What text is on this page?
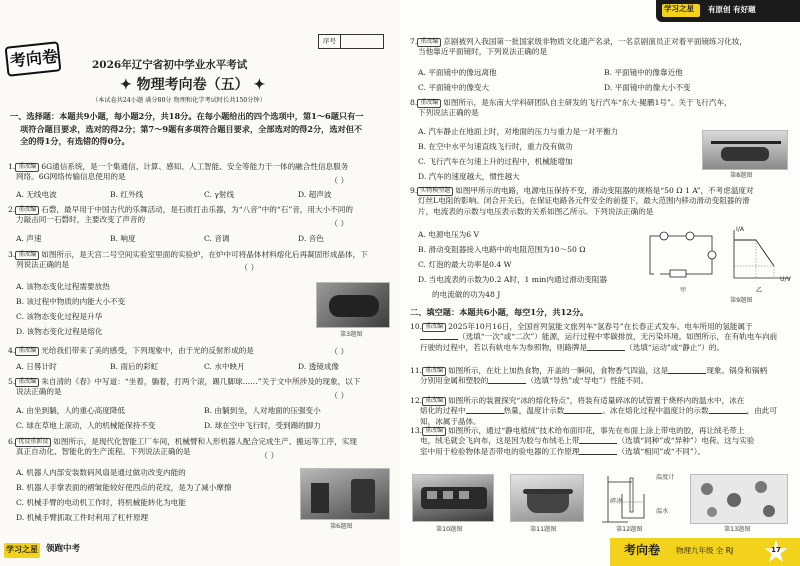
考向卷	2026年辽宁省初中学业水平考试
序号
✦ 物理考向卷（五） ✦
（本试卷共24小题 满分80分 物理和化学考试时长共150分钟）
一、选择题：本题共9小题，每小题2分，共18分。在每小题给出的四个选项中，第1～6题只有一
项符合题目要求，选对的得2分；第7～9题有多项符合题目要求，全部选对的得2分，选对但不
全的得1分，有选错的得0分。
1. 重改编 6G通信系统，是一个集通信、计算、感知、人工智能、安全等能力于一体的融合性信息服务
网络。6G网络传输信息使用的是	（ ）
A. 无线电波	B. 红外线	C. γ射线	D. 超声波
2. 重改编 石磬，最早用于中国古代的乐舞活动，是石质打击乐器，为“八音”中的“石”音，用大小不同的
力敲击同一石磬时，主要改变了声音的	（ ）
A. 声速	B. 响度	C. 音调	D. 音色
3. 重改编 如图所示，是天宫二号空间实验室里面的实验炉，在炉中可将晶体材料熔化后再凝固形成晶体，下
列说法正确的是	（ ）
A. 该物态变化过程需要放热
B. 该过程中物质的内能大小不变
C. 该物态变化过程是升华
D. 该物态变化过程是熔化	第3题图
4. 重改编 光给我们带来了美的感受，下列现象中，由于光的反射形成的是	（ ）
A. 日晷计时	B. 雨后的彩虹	C. 水中映月	D. 透镜成像
5. 重改编 朱自清的《春》中写道：“坐着，躺着，打两个滚，踢几脚球……”关于文中所涉及的现象，以下
说法正确的是	（ ）
A. 由坐到躺，人的重心高度降低	B. 由躺到坐，人对地面的压强变小
C. 球在草地上滚动，人的机械能保持不变	D. 球在空中飞行时，受到踢的脚力
6. 优设重新设 如图所示，是现代化智能工厂车间，机械臂和人形机器人配合完成生产、搬运等工序，实现
真正自动化、智能化的生产流程。下列说法正确的是	（ ）
A. 机器人内部安装数码风扇是通过做功改变内能的
B. 机器人手掌表面的褶皱能较好使西点的花纹，是为了减小摩擦
C. 机械手臂的电动机工作时，将机械能转化为电能
D. 机械手臂抓取工件时利用了杠杆原理
第6题图
学习之星 领跑中考
学习之星 有原创 有好题
7. 重改编 京剧被列入我国第一批国家级非物质文化遗产名录，一名京剧演员正对着平面镜练习化妆，
当他靠近平面镜时，下列说法正确的是
A. 平面镜中的像远离他	B. 平面镜中的像靠近他
C. 平面镜中的像变大	D. 平面镜中的像大小不变
8. 重改编 如图所示，是东南大学科研团队自主研发的飞行汽车“东大·鲲鹏1号”。关于飞行汽车，
下列说法正确的是
A. 汽车静止在地面上时，对地面的压力与重力是一对平衡力
B. 在空中水平匀速直线飞行时，重力没有做功
C. 飞行汽车在匀速上升的过程中，机械能增加
D. 汽车的速度越大，惯性越大	第8题图
9. 实物模型题 如图甲所示的电路，电源电压保持不变，滑动变阻器的规格是“50 Ω 1 A”，不考虑温度对
灯丝L电阻的影响。闭合开关后，在保证电路各元件安全的前提下，最大范围内移动滑动变阻器的滑
片，电流表的示数与电压表示数的关系如图乙所示。下列说法正确的是
A. 电源电压为6 V
B. 滑动变阻器接入电路中的电阻范围为10～50 Ω
C. 灯泡的最大功率是0.4 W
D. 当电流表的示数为0.2 A时，1 min内通过滑动变阻器
的电流做的功为48 J	甲
I/A
U/V
乙
第9题图
二、填空题：本题共6小题，每空1分，共12分。
10. 重改编 2025年10月16日，全国首列氢能文旅列车“氢春号”在长春正式发车。电车所用的氢能属于
（选填“一次”或“二次”）能源，运行过程中零碳排放，无污染环境。如图所示，在有轨电车向前
行驶的过程中，若以有轨电车为参照物，则路牌是	（选填“运动”或“静止”）的。
11. 重改编 如图所示，在灶上加热食物，开盖的一瞬间，食物香气四溢，这是	现象。锅身和锅柄
分别用金属和塑胶的	（选填“导热”或“导电”）性能不同。
12. 重改编 如图所示的装置探究“冰的熔化特点”，将装有适量碎冰的试管置于烧杯内的温水中，冰在
熔化的过程中	热量，温度计示数	。冰在熔化过程中温度计的示数	，由此可知，冰属于晶体。
13. 重改编 如图所示，通过“静电植绒”技术给布面印花，事先在布面上涂上带电的胶，再让绒毛带上
电，绒毛就会飞向布，这是因为胶与布绒毛上带	（选填“同种”或“异种”）电荷。这与实验
室中用于检验物体是否带电的验电器的工作原理	（选填“相同”或“不同”）。
第10题图	第11题图
温度计
碎冰
温水
第12题图	第13题图
考向卷 物理九年级 全 RJ	17
